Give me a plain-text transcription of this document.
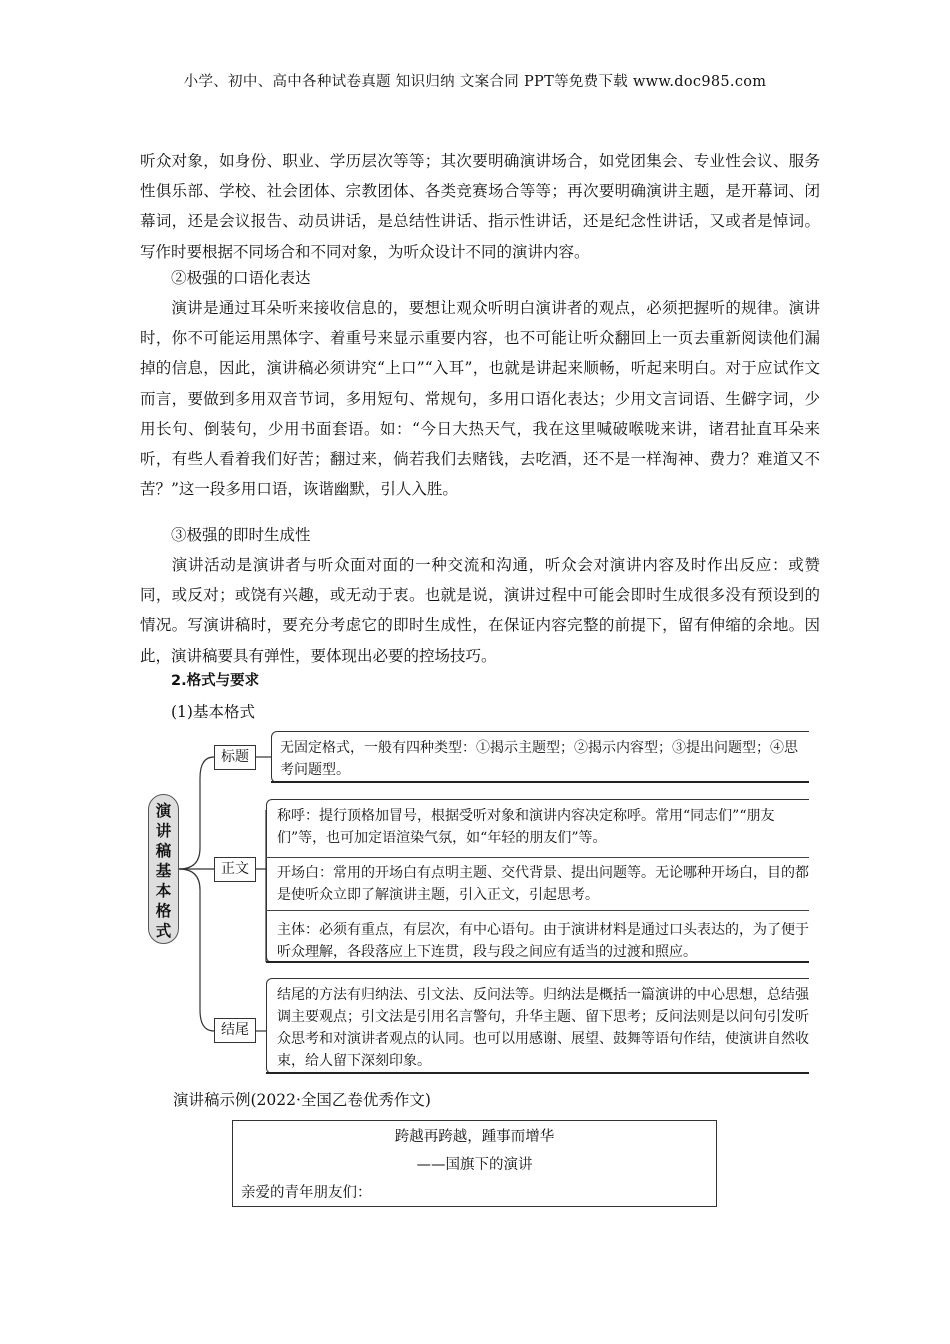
小学、初中、高中各种试卷真题 知识归纳 文案合同 PPT等免费下载 www.doc985.com

听众对象，如身份、职业、学历层次等等；其次要明确演讲场合，如党团集会、专业性会议、服务性俱乐部、学校、社会团体、宗教团体、各类竞赛场合等等；再次要明确演讲主题，是开幕词、闭幕词，还是会议报告、动员讲话，是总结性讲话、指示性讲话，还是纪念性讲话，又或者是悼词。写作时要根据不同场合和不同对象，为听众设计不同的演讲内容。

②极强的口语化表达

演讲是通过耳朵听来接收信息的，要想让观众听明白演讲者的观点，必须把握听的规律。演讲时，你不可能运用黑体字、着重号来显示重要内容，也不可能让听众翻回上一页去重新阅读他们漏掉的信息，因此，演讲稿必须讲究“上口”“入耳”，也就是讲起来顺畅，听起来明白。对于应试作文而言，要做到多用双音节词，多用短句、常规句，多用口语化表达；少用文言词语、生僻字词，少用长句、倒装句，少用书面套语。如：“今日大热天气，我在这里喊破喉咙来讲，诸君扯直耳朵来听，有些人看着我们好苦；翻过来，倘若我们去赌钱，去吃酒，还不是一样淘神、费力？难道又不苦？”这一段多用口语，诙谐幽默，引人入胜。

③极强的即时生成性

演讲活动是演讲者与听众面对面的一种交流和沟通，听众会对演讲内容及时作出反应：或赞同，或反对；或饶有兴趣，或无动于衷。也就是说，演讲过程中可能会即时生成很多没有预设到的情况。写演讲稿时，要充分考虑它的即时生成性，在保证内容完整的前提下，留有伸缩的余地。因此，演讲稿要具有弹性，要体现出必要的控场技巧。

2.格式与要求

(1)基本格式

演讲稿基本格式
标题
正文
结尾

无固定格式，一般有四种类型：①揭示主题型；②揭示内容型；③提出问题型；④思考问题型。

称呼：提行顶格加冒号，根据受听对象和演讲内容决定称呼。常用“同志们”“朋友们”等，也可加定语渲染气氛，如“年轻的朋友们”等。

开场白：常用的开场白有点明主题、交代背景、提出问题等。无论哪种开场白，目的都是使听众立即了解演讲主题，引入正文，引起思考。

主体：必须有重点，有层次，有中心语句。由于演讲材料是通过口头表达的，为了便于听众理解，各段落应上下连贯，段与段之间应有适当的过渡和照应。

结尾的方法有归纳法、引文法、反问法等。归纳法是概括一篇演讲的中心思想，总结强调主要观点；引文法是引用名言警句，升华主题、留下思考；反问法则是以问句引发听众思考和对演讲者观点的认同。也可以用感谢、展望、鼓舞等语句作结，使演讲自然收束，给人留下深刻印象。

演讲稿示例(2022·全国乙卷优秀作文)
跨越再跨越，踵事而增华
——国旗下的演讲
亲爱的青年朋友们：
